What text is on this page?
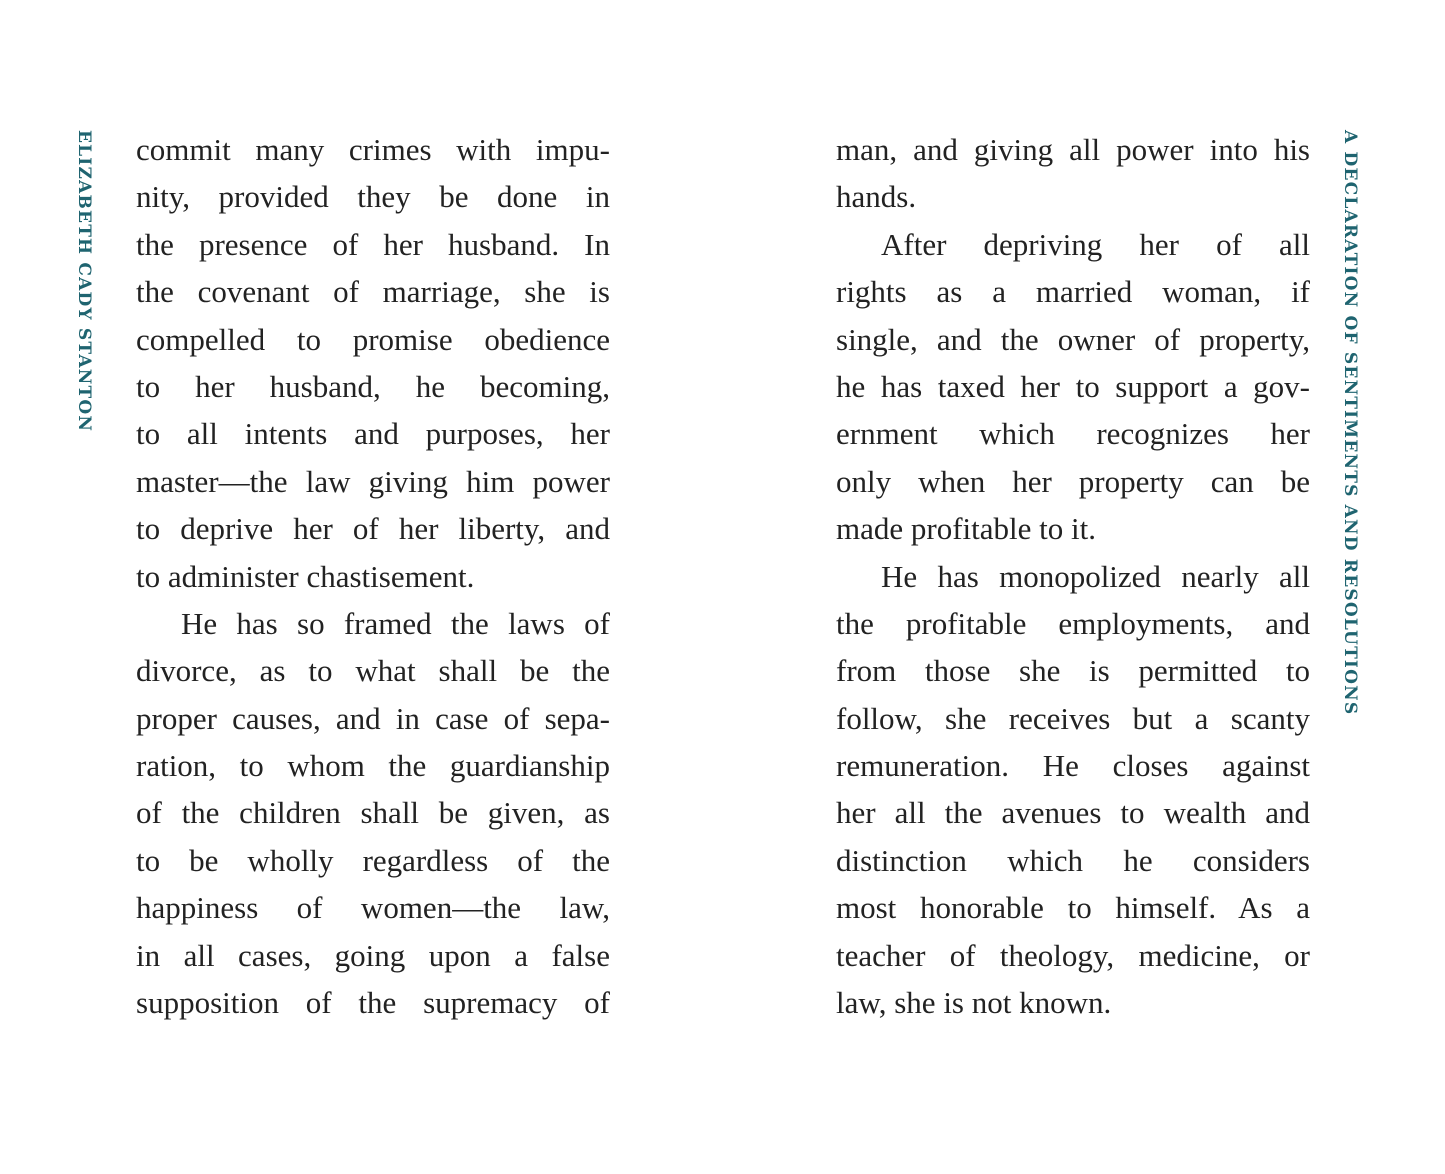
ELIZABETH CADY STANTON commit many crimes with impu-
nity, provided they be done in
the presence of her husband. In
the covenant of marriage, she is
compelled to promise obedience
to her husband, he becoming,
to all intents and purposes, her
master—the law giving him power
to deprive her of her liberty, and
to administer chastisement.
He has so framed the laws of
divorce, as to what shall be the
proper causes, and in case of sepa-
ration, to whom the guardianship
of the children shall be given, as
to be wholly regardless of the
happiness of women—the law,
in all cases, going upon a false
supposition of the supremacy of
man, and giving all power into his
hands.
After depriving her of all
rights as a married woman, if
single, and the owner of property,
he has taxed her to support a gov-
ernment which recognizes her
only when her property can be
made profitable to it.
He has monopolized nearly all
the profitable employments, and
from those she is permitted to
follow, she receives but a scanty
remuneration. He closes against
her all the avenues to wealth and
distinction which he considers
most honorable to himself. As a
teacher of theology, medicine, or
law, she is not known.
A DECLARATION OF SENTIMENTS AND RESOLUTIONS
